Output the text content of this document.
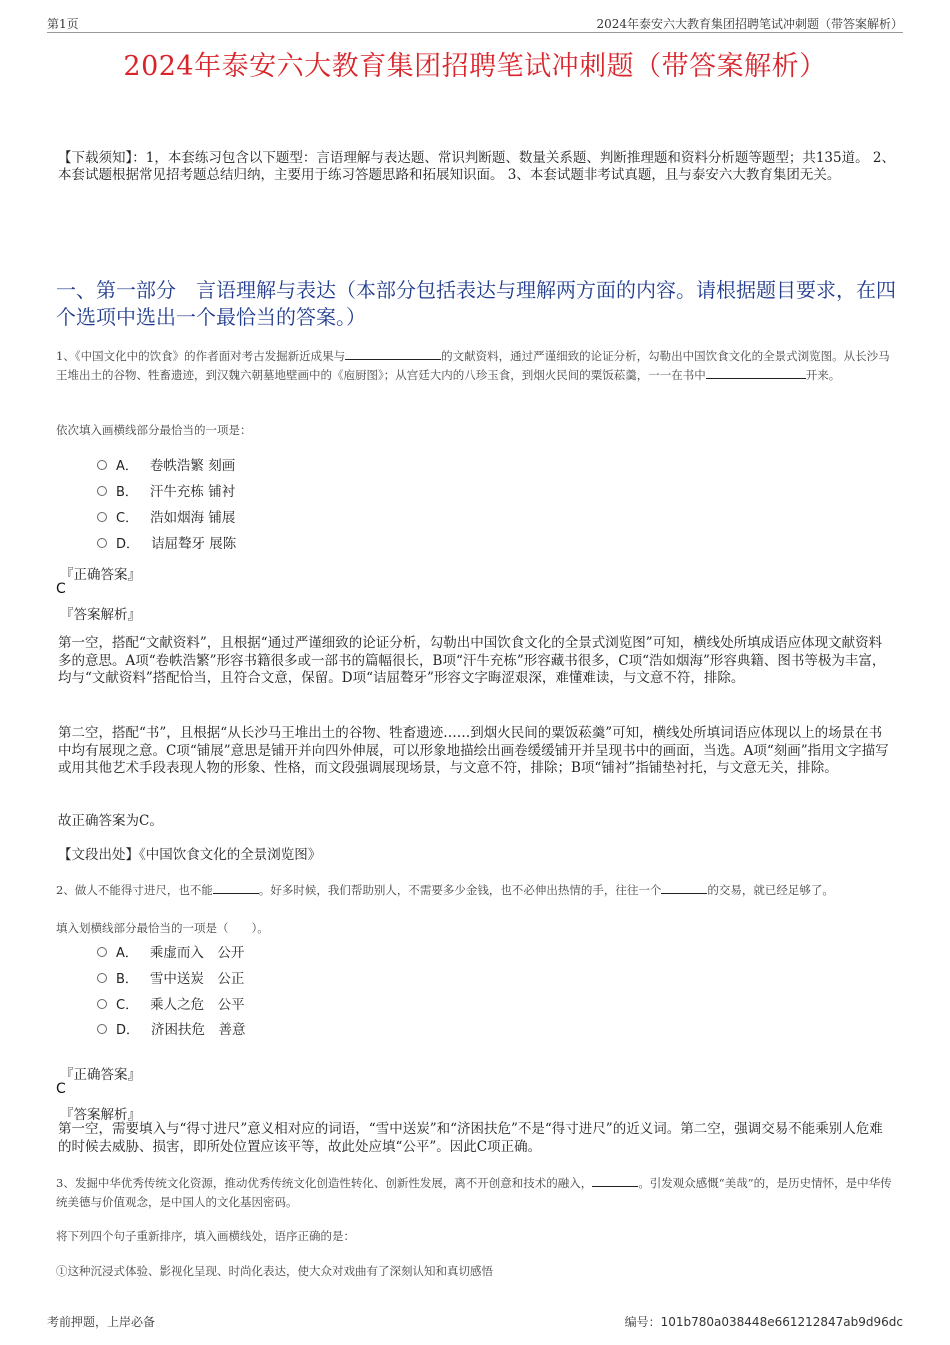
第1页	2024年泰安六大教育集团招聘笔试冲刺题（带答案解析）
2024年泰安六大教育集团招聘笔试冲刺题（带答案解析）
【下载须知】：1，本套练习包含以下题型：言语理解与表达题、常识判断题、数量关系题、判断推理题和资料分析题等题型；共135道。 2、本套试题根据常见招考题总结归纳，主要用于练习答题思路和拓展知识面。 3、本套试题非考试真题，且与泰安六大教育集团无关。
一、第一部分　言语理解与表达（本部分包括表达与理解两方面的内容。请根据题目要求，在四个选项中选出一个最恰当的答案。）
1、《中国文化中的饮食》的作者面对考古发掘新近成果与	的文献资料，通过严谨细致的论证分析，勾勒出中国饮食文化的全景式浏览图。从长沙马王堆出土的谷物、牲畜遗迹，到汉魏六朝墓地壁画中的《庖厨图》；从宫廷大内的八珍玉食，到烟火民间的粟饭菘羹，一一在书中	开来。
依次填入画横线部分最恰当的一项是：
A． 卷帙浩繁 刻画
B． 汗牛充栋 铺衬
C． 浩如烟海 铺展
D． 诘屈聱牙 展陈
『正确答案』
C
『答案解析』
第一空，搭配“文献资料”，且根据“通过严谨细致的论证分析，勾勒出中国饮食文化的全景式浏览图”可知，横线处所填成语应体现文献资料多的意思。A项“卷帙浩繁”形容书籍很多或一部书的篇幅很长，B项“汗牛充栋”形容藏书很多，C项“浩如烟海”形容典籍、图书等极为丰富，均与“文献资料”搭配恰当，且符合文意，保留。D项“诘屈聱牙”形容文字晦涩艰深，难懂难读，与文意不符，排除。
第二空，搭配“书”，且根据“从长沙马王堆出土的谷物、牲畜遗迹……到烟火民间的粟饭菘羹”可知，横线处所填词语应体现以上的场景在书中均有展现之意。C项“铺展”意思是铺开并向四外伸展，可以形象地描绘出画卷缓缓铺开并呈现书中的画面，当选。A项“刻画”指用文字描写或用其他艺术手段表现人物的形象、性格，而文段强调展现场景，与文意不符，排除；B项“铺衬”指铺垫衬托，与文意无关，排除。
故正确答案为C。
【文段出处】《中国饮食文化的全景浏览图》
2、做人不能得寸进尺，也不能	。好多时候，我们帮助别人，不需要多少金钱，也不必伸出热情的手，往往一个	的交易，就已经足够了。
填入划横线部分最恰当的一项是（　　）。
A． 乘虚而入　公开
B． 雪中送炭　公正
C． 乘人之危　公平
D． 济困扶危　善意
『正确答案』
C
『答案解析』
第一空，需要填入与“得寸进尺”意义相对应的词语，“雪中送炭”和“济困扶危”不是“得寸进尺”的近义词。第二空，强调交易不能乘别人危难的时候去威胁、损害，即所处位置应该平等，故此处应填“公平”。因此C项正确。
3、发掘中华优秀传统文化资源，推动优秀传统文化创造性转化、创新性发展，离不开创意和技术的融入，	。引发观众感慨“美哉”的，是历史情怀，是中华传统美德与价值观念，是中国人的文化基因密码。
将下列四个句子重新排序，填入画横线处，语序正确的是：
①这种沉浸式体验、影视化呈现、时尚化表达，使大众对戏曲有了深刻认知和真切感悟
考前押题，上岸必备	编号：101b780a038448e661212847ab9d96dc
